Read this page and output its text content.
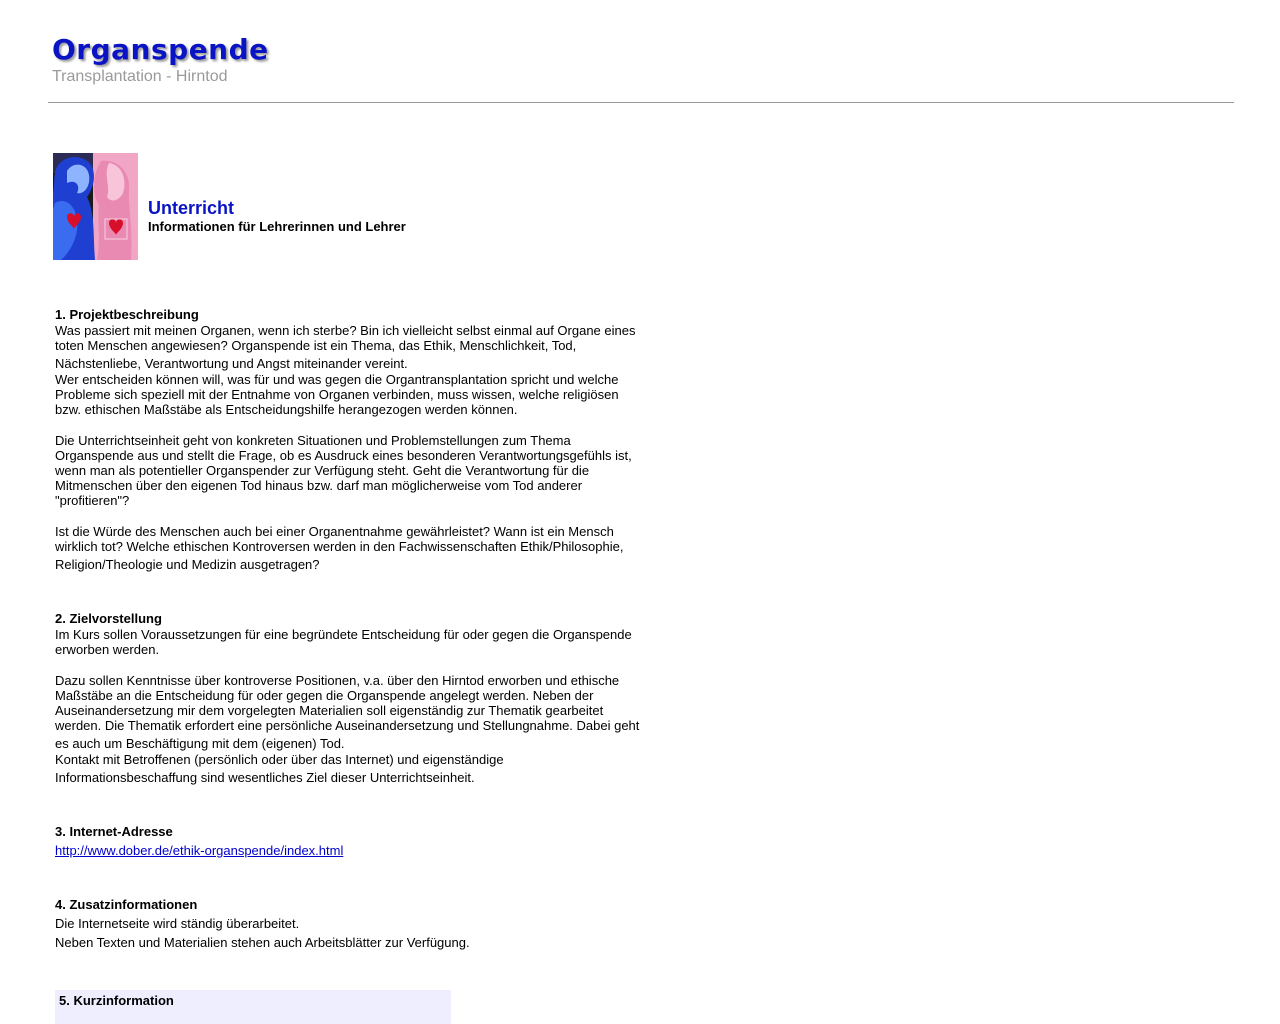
Organspende
Transplantation - Hirntod
Unterricht
Informationen für Lehrerinnen und Lehrer
1. Projektbeschreibung

Was passiert mit meinen Organen, wenn ich sterbe? Bin ich vielleicht selbst einmal auf Organe eines

toten Menschen angewiesen? Organspende ist ein Thema, das Ethik, Menschlichkeit, Tod,

Nächstenliebe, Verantwortung und Angst miteinander vereint.

Wer entscheiden können will, was für und was gegen die Organtransplantation spricht und welche

Probleme sich speziell mit der Entnahme von Organen verbinden, muss wissen, welche religiösen

bzw. ethischen Maßstäbe als Entscheidungshilfe herangezogen werden können.

Die Unterrichtseinheit geht von konkreten Situationen und Problemstellungen zum Thema

Organspende aus und stellt die Frage, ob es Ausdruck eines besonderen Verantwortungsgefühls ist,

wenn man als potentieller Organspender zur Verfügung steht. Geht die Verantwortung für die

Mitmenschen über den eigenen Tod hinaus bzw. darf man möglicherweise vom Tod anderer

"profitieren"?

Ist die Würde des Menschen auch bei einer Organentnahme gewährleistet? Wann ist ein Mensch

wirklich tot? Welche ethischen Kontroversen werden in den Fachwissenschaften Ethik/Philosophie,

Religion/Theologie und Medizin ausgetragen?

2. Zielvorstellung

Im Kurs sollen Voraussetzungen für eine begründete Entscheidung für oder gegen die Organspende

erworben werden.

Dazu sollen Kenntnisse über kontroverse Positionen, v.a. über den Hirntod erworben und ethische

Maßstäbe an die Entscheidung für oder gegen die Organspende angelegt werden. Neben der

Auseinandersetzung mir dem vorgelegten Materialien soll eigenständig zur Thematik gearbeitet

werden. Die Thematik erfordert eine persönliche Auseinandersetzung und Stellungnahme. Dabei geht

es auch um Beschäftigung mit dem (eigenen) Tod.

Kontakt mit Betroffenen (persönlich oder über das Internet) und eigenständige

Informationsbeschaffung sind wesentliches Ziel dieser Unterrichtseinheit.

3. Internet-Adresse
http://www.dober.de/ethik-organspende/index.html
4. Zusatzinformationen

Die Internetseite wird ständig überarbeitet.

Neben Texten und Materialien stehen auch Arbeitsblätter zur Verfügung.

5. Kurzinformation
